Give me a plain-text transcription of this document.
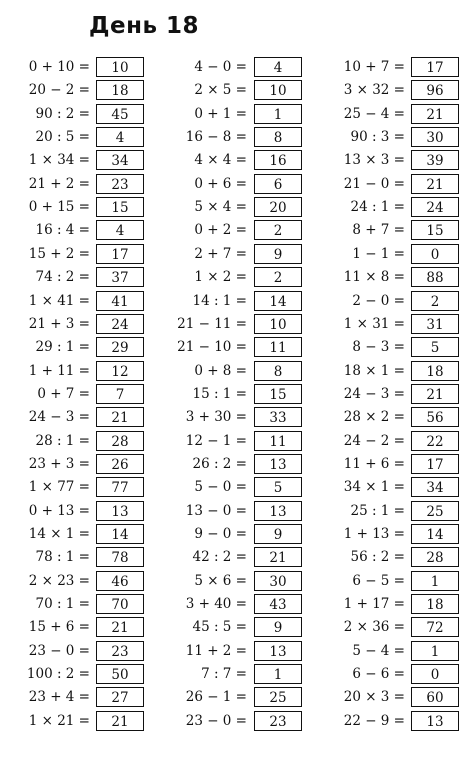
День 18
0 + 10 =	10
20 − 2 =	18
90 : 2 =	45
20 : 5 =	4
1 × 34 =	34
21 + 2 =	23
0 + 15 =	15
16 : 4 =	4
15 + 2 =	17
74 : 2 =	37
1 × 41 =	41
21 + 3 =	24
29 : 1 =	29
1 + 11 =	12
0 + 7 =	7
24 − 3 =	21
28 : 1 =	28
23 + 3 =	26
1 × 77 =	77
0 + 13 =	13
14 × 1 =	14
78 : 1 =	78
2 × 23 =	46
70 : 1 =	70
15 + 6 =	21
23 − 0 =	23
100 : 2 =	50
23 + 4 =	27
1 × 21 =	21
4 − 0 =	4
2 × 5 =	10
0 + 1 =	1
16 − 8 =	8
4 × 4 =	16
0 + 6 =	6
5 × 4 =	20
0 + 2 =	2
2 + 7 =	9
1 × 2 =	2
14 : 1 =	14
21 − 11 =	10
21 − 10 =	11
0 + 8 =	8
15 : 1 =	15
3 + 30 =	33
12 − 1 =	11
26 : 2 =	13
5 − 0 =	5
13 − 0 =	13
9 − 0 =	9
42 : 2 =	21
5 × 6 =	30
3 + 40 =	43
45 : 5 =	9
11 + 2 =	13
7 : 7 =	1
26 − 1 =	25
23 − 0 =	23
10 + 7 =	17
3 × 32 =	96
25 − 4 =	21
90 : 3 =	30
13 × 3 =	39
21 − 0 =	21
24 : 1 =	24
8 + 7 =	15
1 − 1 =	0
11 × 8 =	88
2 − 0 =	2
1 × 31 =	31
8 − 3 =	5
18 × 1 =	18
24 − 3 =	21
28 × 2 =	56
24 − 2 =	22
11 + 6 =	17
34 × 1 =	34
25 : 1 =	25
1 + 13 =	14
56 : 2 =	28
6 − 5 =	1
1 + 17 =	18
2 × 36 =	72
5 − 4 =	1
6 − 6 =	0
20 × 3 =	60
22 − 9 =	13
